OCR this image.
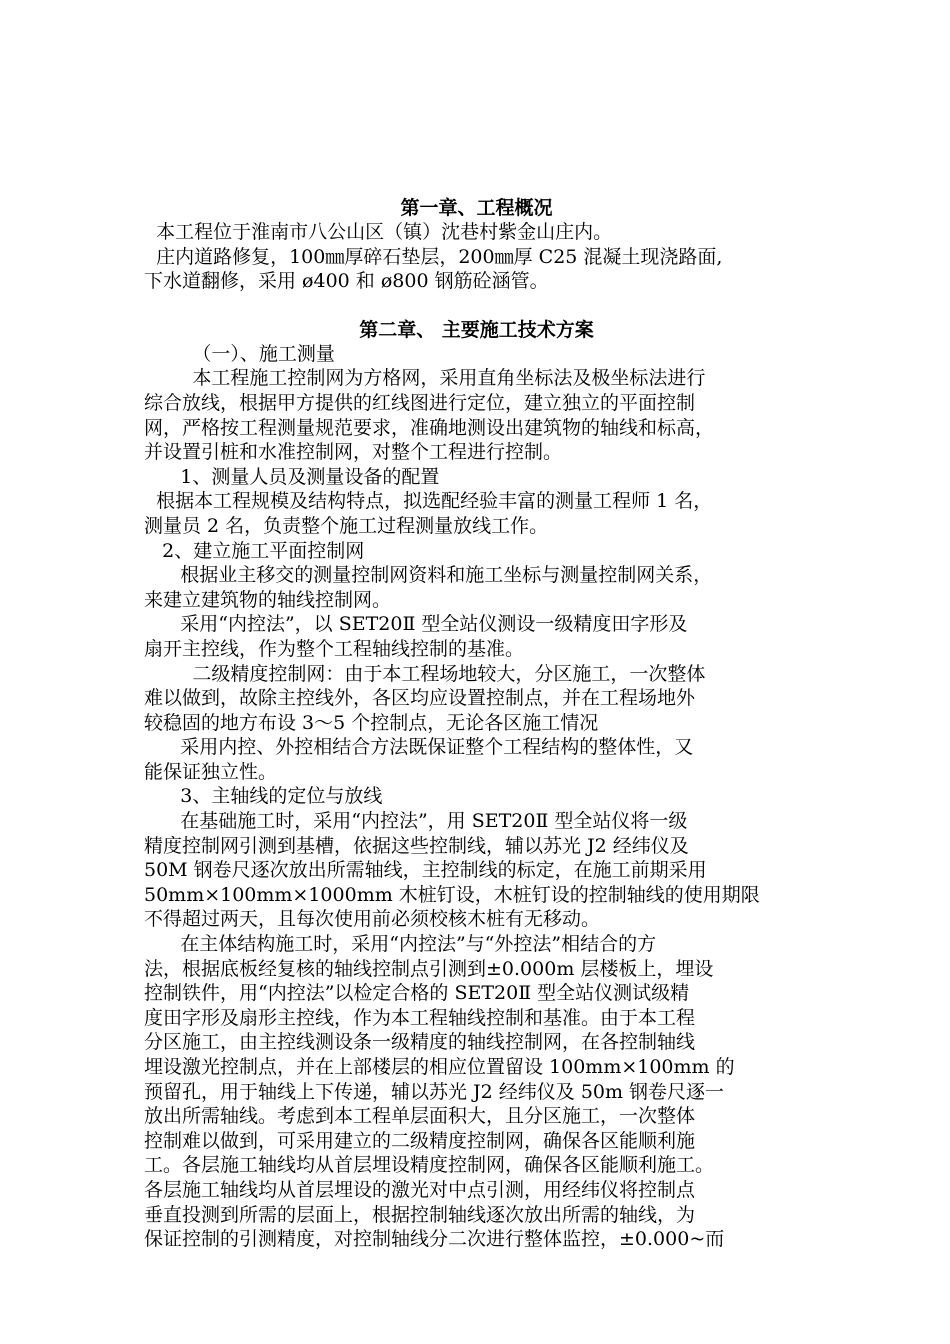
第一章、工程概况
本工程位于淮南市八公山区（镇）沈巷村紫金山庄内。
庄内道路修复，100㎜厚碎石垫层，200㎜厚 C25 混凝土现浇路面,
下水道翻修，采用 ø400 和 ø800 钢筋砼涵管。
第二章、 主要施工技术方案
（一）、施工测量
本工程施工控制网为方格网，采用直角坐标法及极坐标法进行
综合放线，根据甲方提供的红线图进行定位，建立独立的平面控制
网，严格按工程测量规范要求，准确地测设出建筑物的轴线和标高，
并设置引桩和水准控制网，对整个工程进行控制。
1、测量人员及测量设备的配置
根据本工程规模及结构特点，拟选配经验丰富的测量工程师 1 名，
测量员 2 名，负责整个施工过程测量放线工作。
2、建立施工平面控制网
根据业主移交的测量控制网资料和施工坐标与测量控制网关系，
来建立建筑物的轴线控制网。
采用“内控法”，以 SET20Ⅱ 型全站仪测设一级精度田字形及
扇开主控线，作为整个工程轴线控制的基准。
二级精度控制网：由于本工程场地较大，分区施工，一次整体
难以做到，故除主控线外，各区均应设置控制点，并在工程场地外
较稳固的地方布设 3～5 个控制点，无论各区施工情况
采用内控、外控相结合方法既保证整个工程结构的整体性，又
能保证独立性。
3、主轴线的定位与放线
在基础施工时，采用“内控法”，用 SET20Ⅱ 型全站仪将一级
精度控制网引测到基槽，依据这些控制线，辅以苏光 J2 经纬仪及
50M 钢卷尺逐次放出所需轴线，主控制线的标定，在施工前期采用
50mm×100mm×1000mm 木桩钉设，木桩钉设的控制轴线的使用期限
不得超过两天，且每次使用前必须校核木桩有无移动。
在主体结构施工时，采用“内控法”与“外控法”相结合的方
法，根据底板经复核的轴线控制点引测到±0.000m 层楼板上，埋设
控制铁件，用“内控法”以检定合格的 SET20Ⅱ 型全站仪测试级精
度田字形及扇形主控线，作为本工程轴线控制和基准。由于本工程
分区施工，由主控线测设条一级精度的轴线控制网，在各控制轴线
埋设激光控制点，并在上部楼层的相应位置留设 100mm×100mm 的
预留孔，用于轴线上下传递，辅以苏光 J2 经纬仪及 50m 钢卷尺逐一
放出所需轴线。考虑到本工程单层面积大，且分区施工，一次整体
控制难以做到，可采用建立的二级精度控制网，确保各区能顺利施
工。各层施工轴线均从首层埋设精度控制网，确保各区能顺利施工。
各层施工轴线均从首层埋设的激光对中点引测，用经纬仪将控制点
垂直投测到所需的层面上，根据控制轴线逐次放出所需的轴线，为
保证控制的引测精度，对控制轴线分二次进行整体监控，±0.000~而
